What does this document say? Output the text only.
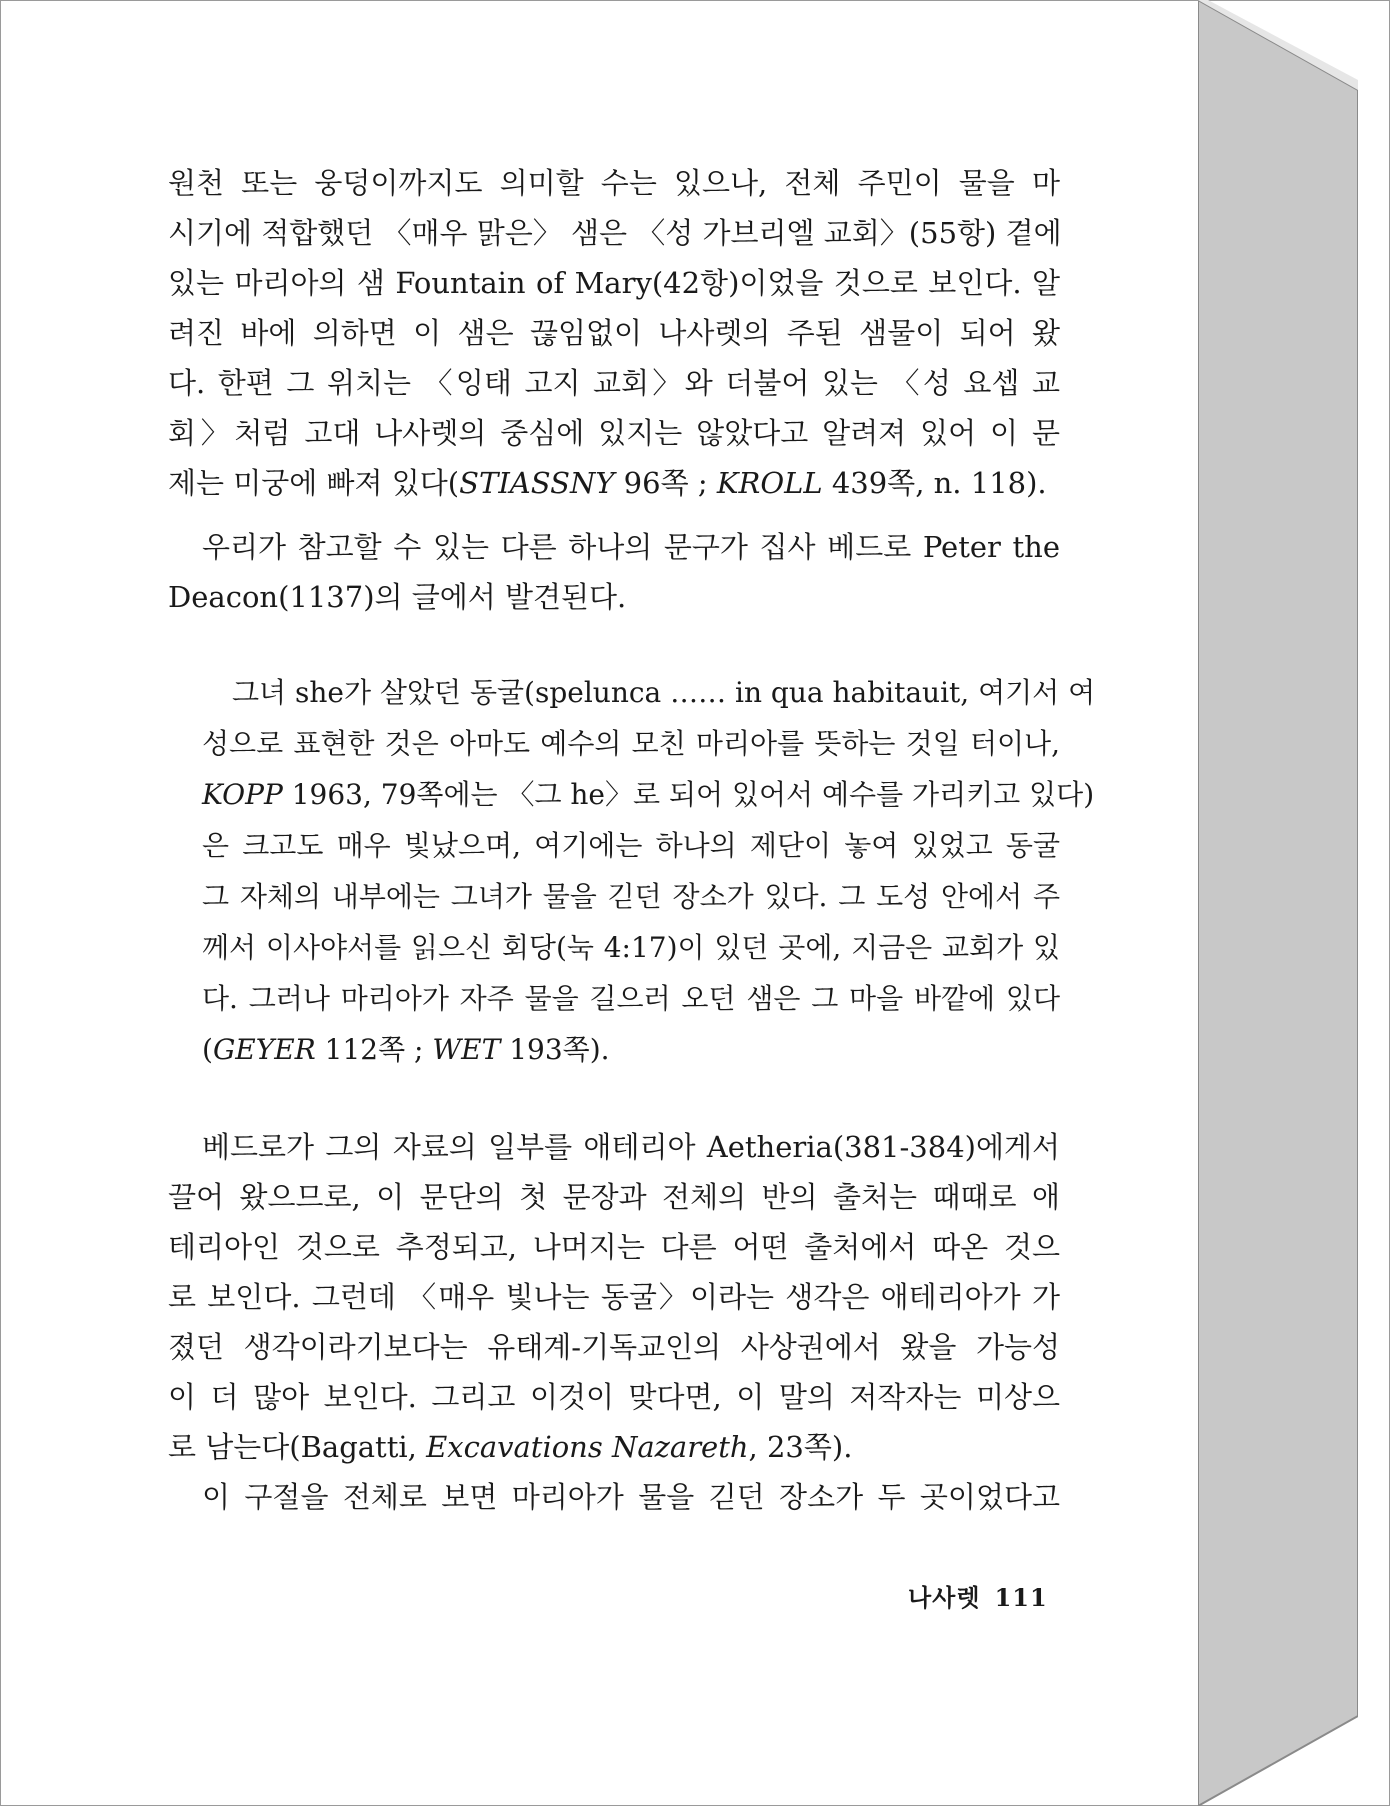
원천 또는 웅덩이까지도 의미할 수는 있으나, 전체 주민이 물을 마
시기에 적합했던 〈매우 맑은〉 샘은 〈성 가브리엘 교회〉(55항) 곁에
있는 마리아의 샘 Fountain of Mary(42항)이었을 것으로 보인다. 알
려진 바에 의하면 이 샘은 끊임없이 나사렛의 주된 샘물이 되어 왔
다. 한편 그 위치는 〈잉태 고지 교회〉와 더불어 있는 〈성 요셉 교
회〉처럼 고대 나사렛의 중심에 있지는 않았다고 알려져 있어 이 문
제는 미궁에 빠져 있다(STIASSNY 96쪽 ; KROLL 439쪽, n. 118).
우리가 참고할 수 있는 다른 하나의 문구가 집사 베드로 Peter the
Deacon(1137)의 글에서 발견된다.
그녀 she가 살았던 동굴(spelunca …… in qua habitauit, 여기서 여
성으로 표현한 것은 아마도 예수의 모친 마리아를 뜻하는 것일 터이나,
KOPP 1963, 79쪽에는 〈그 he〉로 되어 있어서 예수를 가리키고 있다)
은 크고도 매우 빛났으며, 여기에는 하나의 제단이 놓여 있었고 동굴
그 자체의 내부에는 그녀가 물을 긷던 장소가 있다. 그 도성 안에서 주
께서 이사야서를 읽으신 회당(눅 4:17)이 있던 곳에, 지금은 교회가 있
다. 그러나 마리아가 자주 물을 길으러 오던 샘은 그 마을 바깥에 있다
(GEYER 112쪽 ; WET 193쪽).
베드로가 그의 자료의 일부를 애테리아 Aetheria(381-384)에게서
끌어 왔으므로, 이 문단의 첫 문장과 전체의 반의 출처는 때때로 애
테리아인 것으로 추정되고, 나머지는 다른 어떤 출처에서 따온 것으
로 보인다. 그런데 〈매우 빛나는 동굴〉이라는 생각은 애테리아가 가
졌던 생각이라기보다는 유태계-기독교인의 사상권에서 왔을 가능성
이 더 많아 보인다. 그리고 이것이 맞다면, 이 말의 저작자는 미상으
로 남는다(Bagatti, Excavations Nazareth, 23쪽).
이 구절을 전체로 보면 마리아가 물을 긷던 장소가 두 곳이었다고
나사렛 111
